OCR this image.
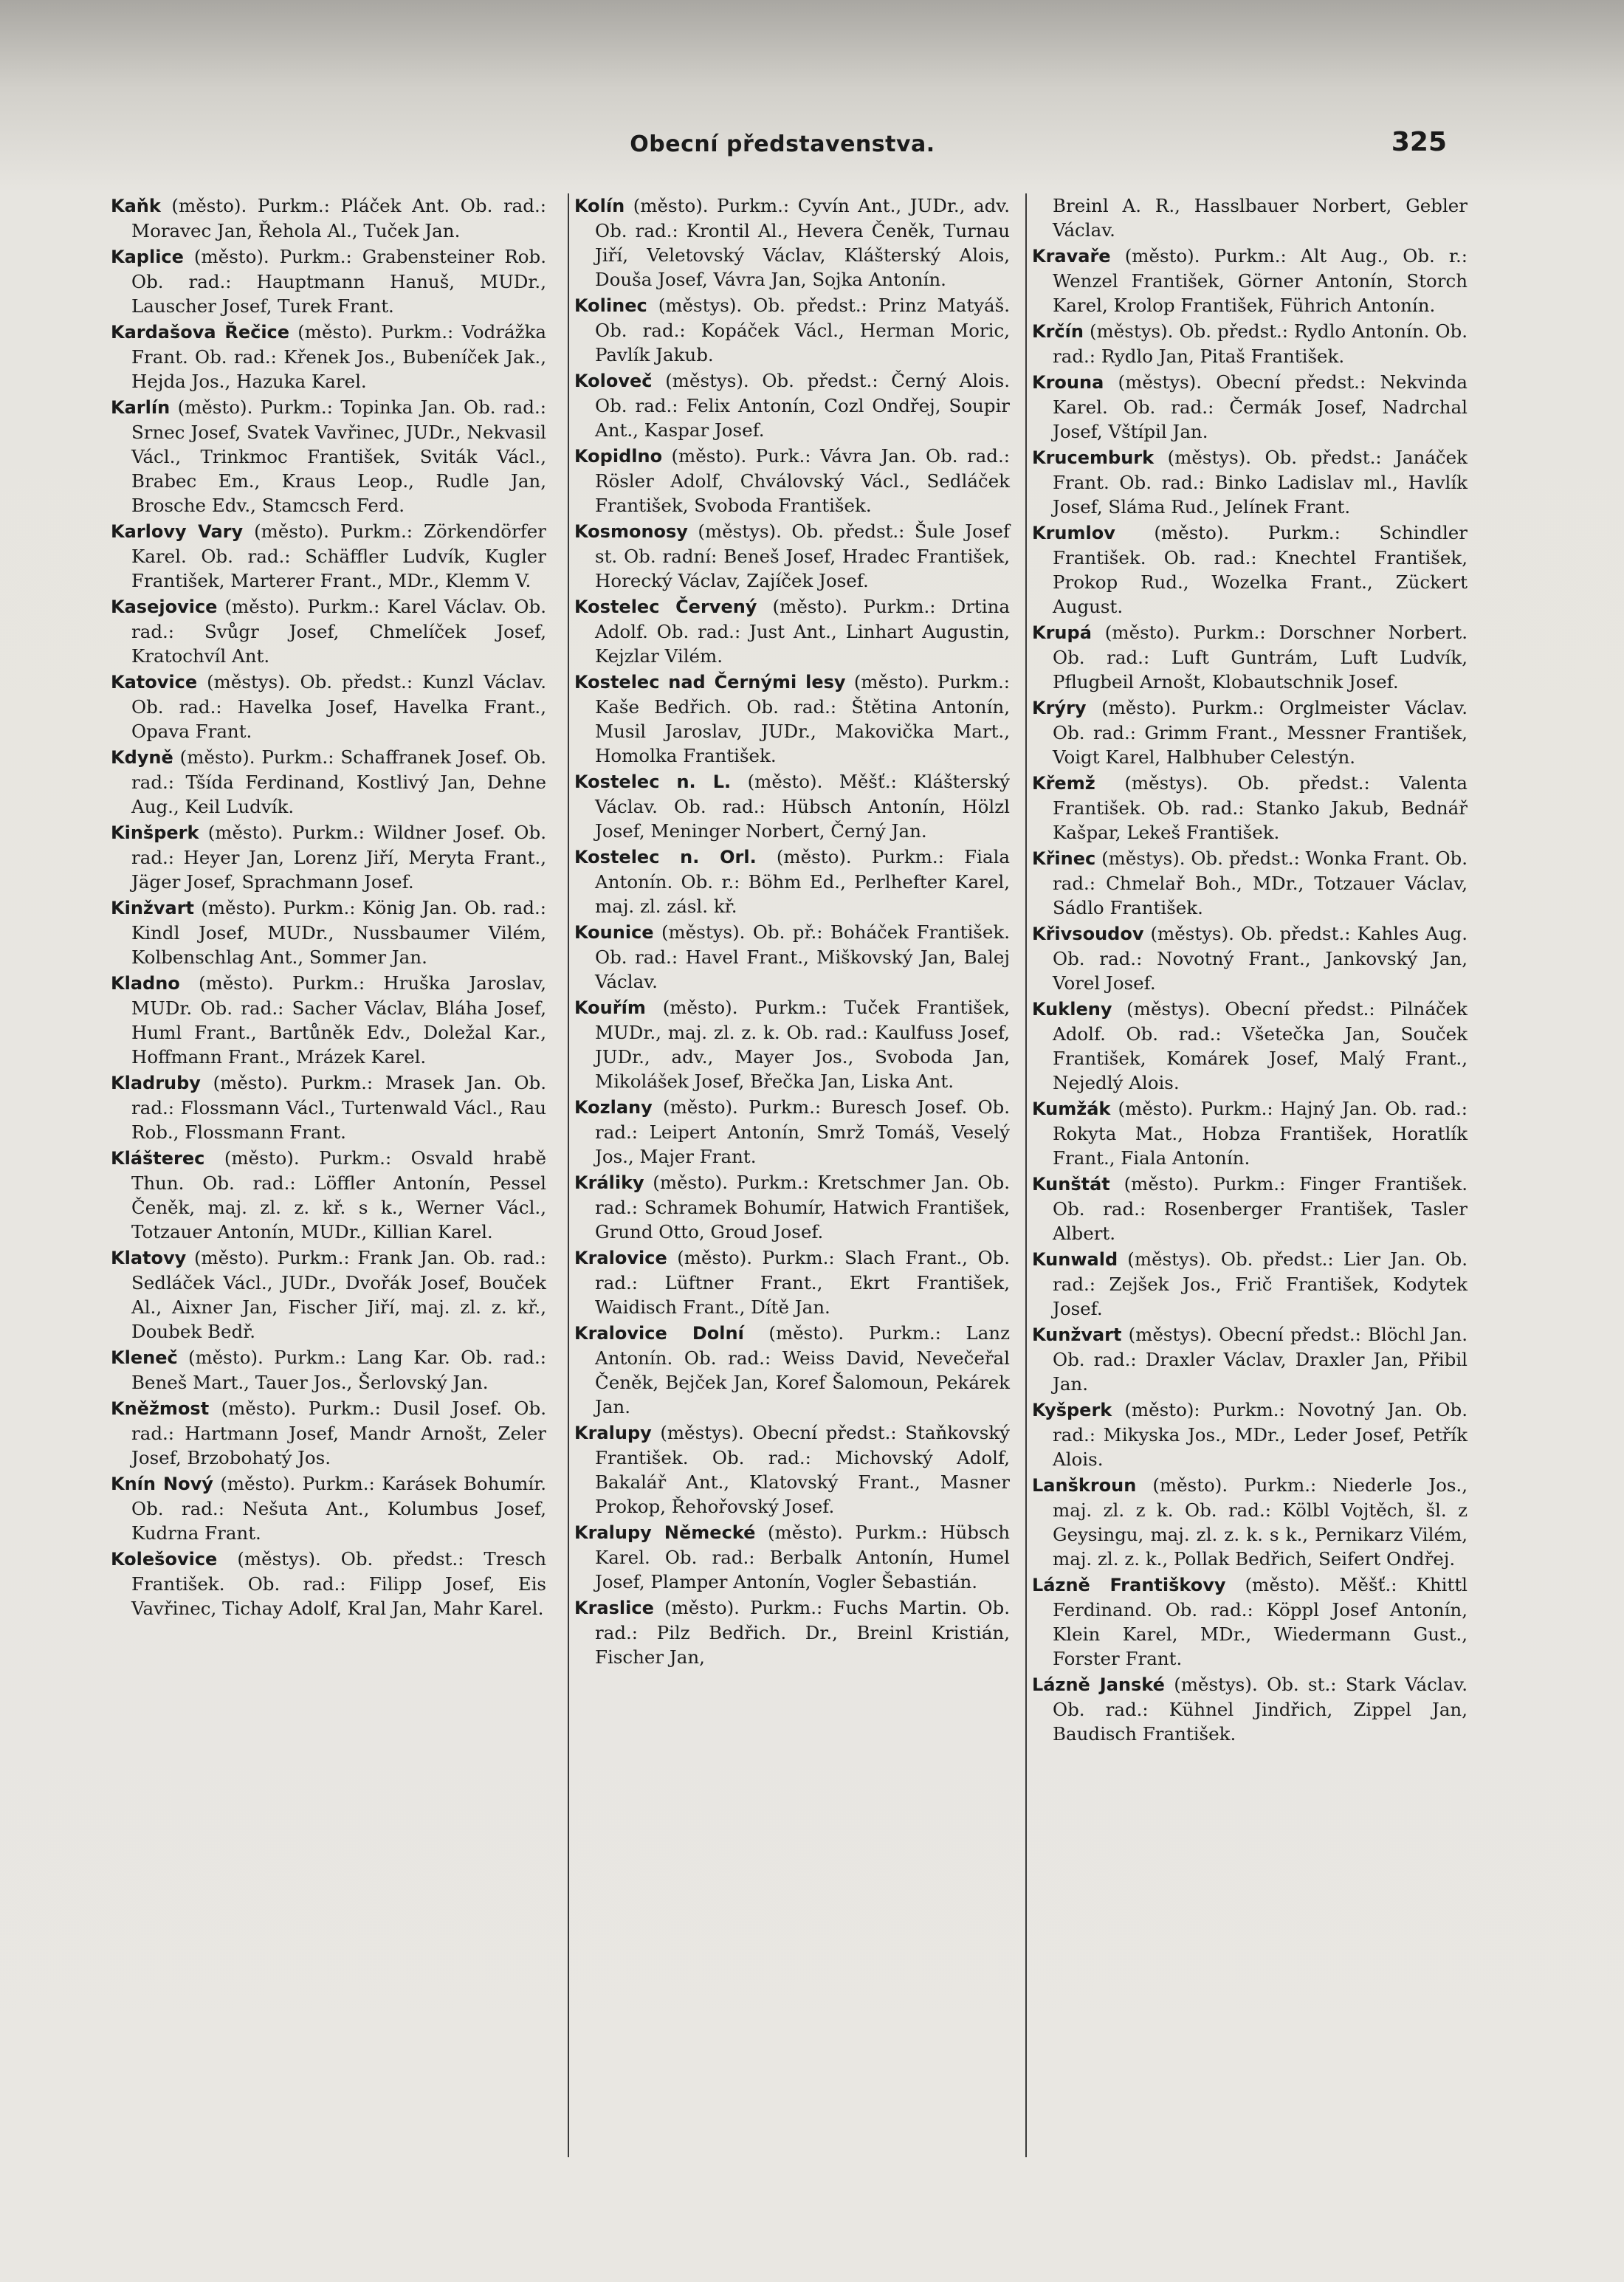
Obecní představenstva.	325

Kaňk (město). Purkm.: Pláček Ant. Ob. rad.: Moravec Jan, Řehola Al., Tuček Jan.

Kaplice (město). Purkm.: Grabensteiner Rob. Ob. rad.: Hauptmann Hanuš, MUDr., Lauscher Josef, Turek Frant.

Kardašova Řečice (město). Purkm.: Vodrážka Frant. Ob. rad.: Křenek Jos., Bubeníček Jak., Hejda Jos., Hazuka Karel.

Karlín (město). Purkm.: Topinka Jan. Ob. rad.: Srnec Josef, Svatek Vavřinec, JUDr., Nekvasil Václ., Trinkmoc František, Sviták Václ., Brabec Em., Kraus Leop., Rudle Jan, Brosche Edv., Stamcsch Ferd.

Karlovy Vary (město). Purkm.: Zörkendörfer Karel. Ob. rad.: Schäffler Ludvík, Kugler František, Marterer Frant., MDr., Klemm V.

Kasejovice (město). Purkm.: Karel Václav. Ob. rad.: Svůgr Josef, Chmelíček Josef, Kratochvíl Ant.

Katovice (městys). Ob. předst.: Kunzl Václav. Ob. rad.: Havelka Josef, Havelka Frant., Opava Frant.

Kdyně (město). Purkm.: Schaffranek Josef. Ob. rad.: Tšída Ferdinand, Kostlivý Jan, Dehne Aug., Keil Ludvík.

Kinšperk (město). Purkm.: Wildner Josef. Ob. rad.: Heyer Jan, Lorenz Jiří, Meryta Frant., Jäger Josef, Sprachmann Josef.

Kinžvart (město). Purkm.: König Jan. Ob. rad.: Kindl Josef, MUDr., Nussbaumer Vilém, Kolbenschlag Ant., Sommer Jan.

Kladno (město). Purkm.: Hruška Jaroslav, MUDr. Ob. rad.: Sacher Václav, Bláha Josef, Huml Frant., Bartůněk Edv., Doležal Kar., Hoffmann Frant., Mrázek Karel.

Kladruby (město). Purkm.: Mrasek Jan. Ob. rad.: Flossmann Václ., Turtenwald Václ., Rau Rob., Flossmann Frant.

Klášterec (město). Purkm.: Osvald hrabě Thun. Ob. rad.: Löffler Antonín, Pessel Čeněk, maj. zl. z. kř. s k., Werner Václ., Totzauer Antonín, MUDr., Killian Karel.

Klatovy (město). Purkm.: Frank Jan. Ob. rad.: Sedláček Václ., JUDr., Dvořák Josef, Bouček Al., Aixner Jan, Fischer Jiří, maj. zl. z. kř., Doubek Bedř.

Kleneč (město). Purkm.: Lang Kar. Ob. rad.: Beneš Mart., Tauer Jos., Šerlovský Jan.

Kněžmost (město). Purkm.: Dusil Josef. Ob. rad.: Hartmann Josef, Mandr Arnošt, Zeler Josef, Brzobohatý Jos.

Knín Nový (město). Purkm.: Karásek Bohumír. Ob. rad.: Nešuta Ant., Kolumbus Josef, Kudrna Frant.

Kolešovice (městys). Ob. předst.: Tresch František. Ob. rad.: Filipp Josef, Eis Vavřinec, Tichay Adolf, Kral Jan, Mahr Karel.

Kolín (město). Purkm.: Cyvín Ant., JUDr., adv. Ob. rad.: Krontil Al., Hevera Čeněk, Turnau Jiří, Veletovský Václav, Klášterský Alois, Douša Josef, Vávra Jan, Sojka Antonín.

Kolinec (městys). Ob. předst.: Prinz Matyáš. Ob. rad.: Kopáček Václ., Herman Moric, Pavlík Jakub.

Koloveč (městys). Ob. předst.: Černý Alois. Ob. rad.: Felix Antonín, Cozl Ondřej, Soupir Ant., Kaspar Josef.

Kopidlno (město). Purk.: Vávra Jan. Ob. rad.: Rösler Adolf, Chválovský Václ., Sedláček František, Svoboda František.

Kosmonosy (městys). Ob. předst.: Šule Josef st. Ob. radní: Beneš Josef, Hradec František, Horecký Václav, Zajíček Josef.

Kostelec Červený (město). Purkm.: Drtina Adolf. Ob. rad.: Just Ant., Linhart Augustin, Kejzlar Vilém.

Kostelec nad Černými lesy (město). Purkm.: Kaše Bedřich. Ob. rad.: Štětina Antonín, Musil Jaroslav, JUDr., Makovička Mart., Homolka František.

Kostelec n. L. (město). Měšť.: Klášterský Václav. Ob. rad.: Hübsch Antonín, Hölzl Josef, Meninger Norbert, Černý Jan.

Kostelec n. Orl. (město). Purkm.: Fiala Antonín. Ob. r.: Böhm Ed., Perlhefter Karel, maj. zl. zásl. kř.

Kounice (městys). Ob. př.: Boháček František. Ob. rad.: Havel Frant., Miškovský Jan, Balej Václav.

Kouřím (město). Purkm.: Tuček František, MUDr., maj. zl. z. k. Ob. rad.: Kaulfuss Josef, JUDr., adv., Mayer Jos., Svoboda Jan, Mikolášek Josef, Břečka Jan, Liska Ant.

Kozlany (město). Purkm.: Buresch Josef. Ob. rad.: Leipert Antonín, Smrž Tomáš, Veselý Jos., Majer Frant.

Králiky (město). Purkm.: Kretschmer Jan. Ob. rad.: Schramek Bohumír, Hatwich František, Grund Otto, Groud Josef.

Kralovice (město). Purkm.: Slach Frant., Ob. rad.: Lüftner Frant., Ekrt František, Waidisch Frant., Dítě Jan.

Kralovice Dolní (město). Purkm.: Lanz Antonín. Ob. rad.: Weiss David, Nevečeřal Čeněk, Bejček Jan, Koref Šalomoun, Pekárek Jan.

Kralupy (městys). Obecní předst.: Staňkovský František. Ob. rad.: Michovský Adolf, Bakalář Ant., Klatovský Frant., Masner Prokop, Řehořovský Josef.

Kralupy Německé (město). Purkm.: Hübsch Karel. Ob. rad.: Berbalk Antonín, Humel Josef, Plamper Antonín, Vogler Šebastián.

Kraslice (město). Purkm.: Fuchs Martin. Ob. rad.: Pilz Bedřich. Dr., Breinl Kristián, Fischer Jan,

Breinl A. R., Hasslbauer Norbert, Gebler Václav.

Kravaře (město). Purkm.: Alt Aug., Ob. r.: Wenzel František, Görner Antonín, Storch Karel, Krolop František, Führich Antonín.

Krčín (městys). Ob. předst.: Rydlo Antonín. Ob. rad.: Rydlo Jan, Pitaš František.

Krouna (městys). Obecní předst.: Nekvinda Karel. Ob. rad.: Čermák Josef, Nadrchal Josef, Vštípil Jan.

Krucemburk (městys). Ob. předst.: Janáček Frant. Ob. rad.: Binko Ladislav ml., Havlík Josef, Sláma Rud., Jelínek Frant.

Krumlov (město). Purkm.: Schindler František. Ob. rad.: Knechtel František, Prokop Rud., Wozelka Frant., Zückert August.

Krupá (město). Purkm.: Dorschner Norbert. Ob. rad.: Luft Guntrám, Luft Ludvík, Pflugbeil Arnošt, Klobautschnik Josef.

Krýry (město). Purkm.: Orglmeister Václav. Ob. rad.: Grimm Frant., Messner František, Voigt Karel, Halbhuber Celestýn.

Křemž (městys). Ob. předst.: Valenta František. Ob. rad.: Stanko Jakub, Bednář Kašpar, Lekeš František.

Křinec (městys). Ob. předst.: Wonka Frant. Ob. rad.: Chmelař Boh., MDr., Totzauer Václav, Sádlo František.

Křivsoudov (městys). Ob. předst.: Kahles Aug. Ob. rad.: Novotný Frant., Jankovský Jan, Vorel Josef.

Kukleny (městys). Obecní předst.: Pilnáček Adolf. Ob. rad.: Všetečka Jan, Souček František, Komárek Josef, Malý Frant., Nejedlý Alois.

Kumžák (město). Purkm.: Hajný Jan. Ob. rad.: Rokyta Mat., Hobza František, Horatlík Frant., Fiala Antonín.

Kunštát (město). Purkm.: Finger František. Ob. rad.: Rosenberger František, Tasler Albert.

Kunwald (městys). Ob. předst.: Lier Jan. Ob. rad.: Zejšek Jos., Frič František, Kodytek Josef.

Kunžvart (městys). Obecní předst.: Blöchl Jan. Ob. rad.: Draxler Václav, Draxler Jan, Přibil Jan.

Kyšperk (město): Purkm.: Novotný Jan. Ob. rad.: Mikyska Jos., MDr., Leder Josef, Petřík Alois.

Lanškroun (město). Purkm.: Niederle Jos., maj. zl. z k. Ob. rad.: Kölbl Vojtěch, šl. z Geysingu, maj. zl. z. k. s k., Pernikarz Vilém, maj. zl. z. k., Pollak Bedřich, Seifert Ondřej.

Lázně Františkovy (město). Měšť.: Khittl Ferdinand. Ob. rad.: Köppl Josef Antonín, Klein Karel, MDr., Wiedermann Gust., Forster Frant.

Lázně Janské (městys). Ob. st.: Stark Václav. Ob. rad.: Kühnel Jindřich, Zippel Jan, Baudisch František.
